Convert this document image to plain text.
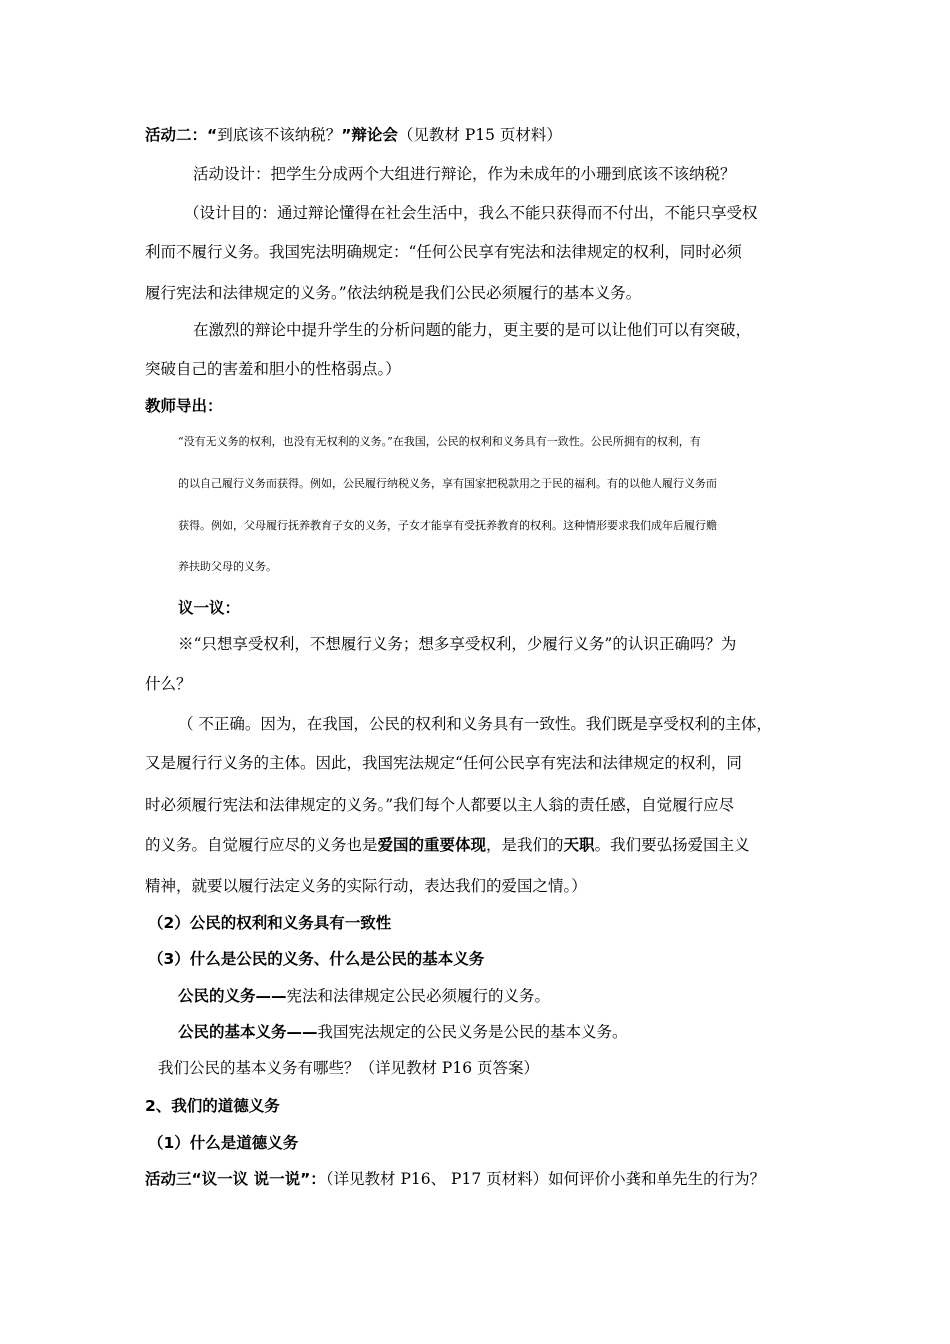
活动二：“到底该不该纳税？”辩论会（见教材 P15 页材料）
活动设计：把学生分成两个大组进行辩论，作为未成年的小珊到底该不该纳税？
（设计目的：通过辩论懂得在社会生活中，我么不能只获得而不付出，不能只享受权
利而不履行义务。我国宪法明确规定：“任何公民享有宪法和法律规定的权利，同时必须
履行宪法和法律规定的义务。”依法纳税是我们公民必须履行的基本义务。
在激烈的辩论中提升学生的分析问题的能力，更主要的是可以让他们可以有突破，
突破自己的害羞和胆小的性格弱点。）
教师导出：
“没有无义务的权利，也没有无权利的义务。”在我国，公民的权利和义务具有一致性。公民所拥有的权利，有
的以自己履行义务而获得。例如，公民履行纳税义务，享有国家把税款用之于民的福利。有的以他人履行义务而
获得。例如，父母履行抚养教育子女的义务，子女才能享有受抚养教育的权利。这种情形要求我们成年后履行赡
养扶助父母的义务。
议一议：
※“只想享受权利，不想履行义务；想多享受权利，少履行义务”的认识正确吗？为
什么？
（ 不正确。因为，在我国，公民的权利和义务具有一致性。我们既是享受权利的主体，
又是履行行义务的主体。因此，我国宪法规定“任何公民享有宪法和法律规定的权利，同
时必须履行宪法和法律规定的义务。”我们每个人都要以主人翁的责任感，自觉履行应尽
的义务。自觉履行应尽的义务也是爱国的重要体现，是我们的天职。我们要弘扬爱国主义
精神，就要以履行法定义务的实际行动，表达我们的爱国之情。）
（2）公民的权利和义务具有一致性
（3）什么是公民的义务、什么是公民的基本义务
公民的义务——宪法和法律规定公民必须履行的义务。
公民的基本义务——我国宪法规定的公民义务是公民的基本义务。
我们公民的基本义务有哪些？（详见教材 P16 页答案）
2、我们的道德义务
（1）什么是道德义务
活动三“议一议 说一说”：（详见教材 P16、 P17 页材料）如何评价小龚和单先生的行为？
